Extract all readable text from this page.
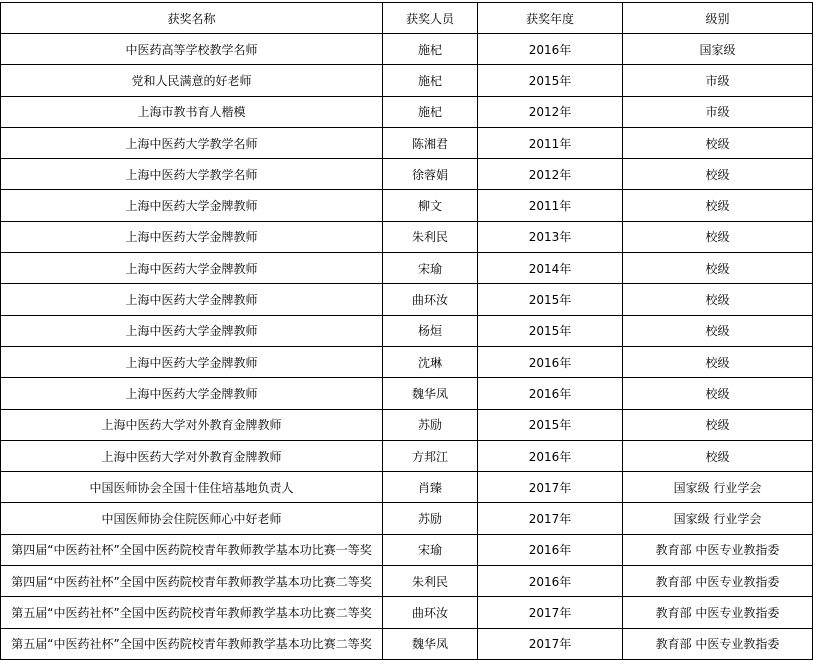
获奖名称	获奖人员	获奖年度	级别
中医药高等学校教学名师	施杞	2016年	国家级
党和人民满意的好老师	施杞	2015年	市级
上海市教书育人楷模	施杞	2012年	市级
上海中医药大学教学名师	陈湘君	2011年	校级
上海中医药大学教学名师	徐蓉娟	2012年	校级
上海中医药大学金牌教师	柳文	2011年	校级
上海中医药大学金牌教师	朱利民	2013年	校级
上海中医药大学金牌教师	宋瑜	2014年	校级
上海中医药大学金牌教师	曲环汝	2015年	校级
上海中医药大学金牌教师	杨烜	2015年	校级
上海中医药大学金牌教师	沈琳	2016年	校级
上海中医药大学金牌教师	魏华凤	2016年	校级
上海中医药大学对外教育金牌教师	苏励	2015年	校级
上海中医药大学对外教育金牌教师	方邦江	2016年	校级
中国医师协会全国十佳住培基地负责人	肖臻	2017年	国家级 行业学会
中国医师协会住院医师心中好老师	苏励	2017年	国家级 行业学会
第四届“中医药社杯”全国中医药院校青年教师教学基本功比赛一等奖	宋瑜	2016年	教育部 中医专业教指委
第四届“中医药社杯”全国中医药院校青年教师教学基本功比赛二等奖	朱利民	2016年	教育部 中医专业教指委
第五届“中医药社杯”全国中医药院校青年教师教学基本功比赛二等奖	曲环汝	2017年	教育部 中医专业教指委
第五届“中医药社杯”全国中医药院校青年教师教学基本功比赛二等奖	魏华凤	2017年	教育部 中医专业教指委
